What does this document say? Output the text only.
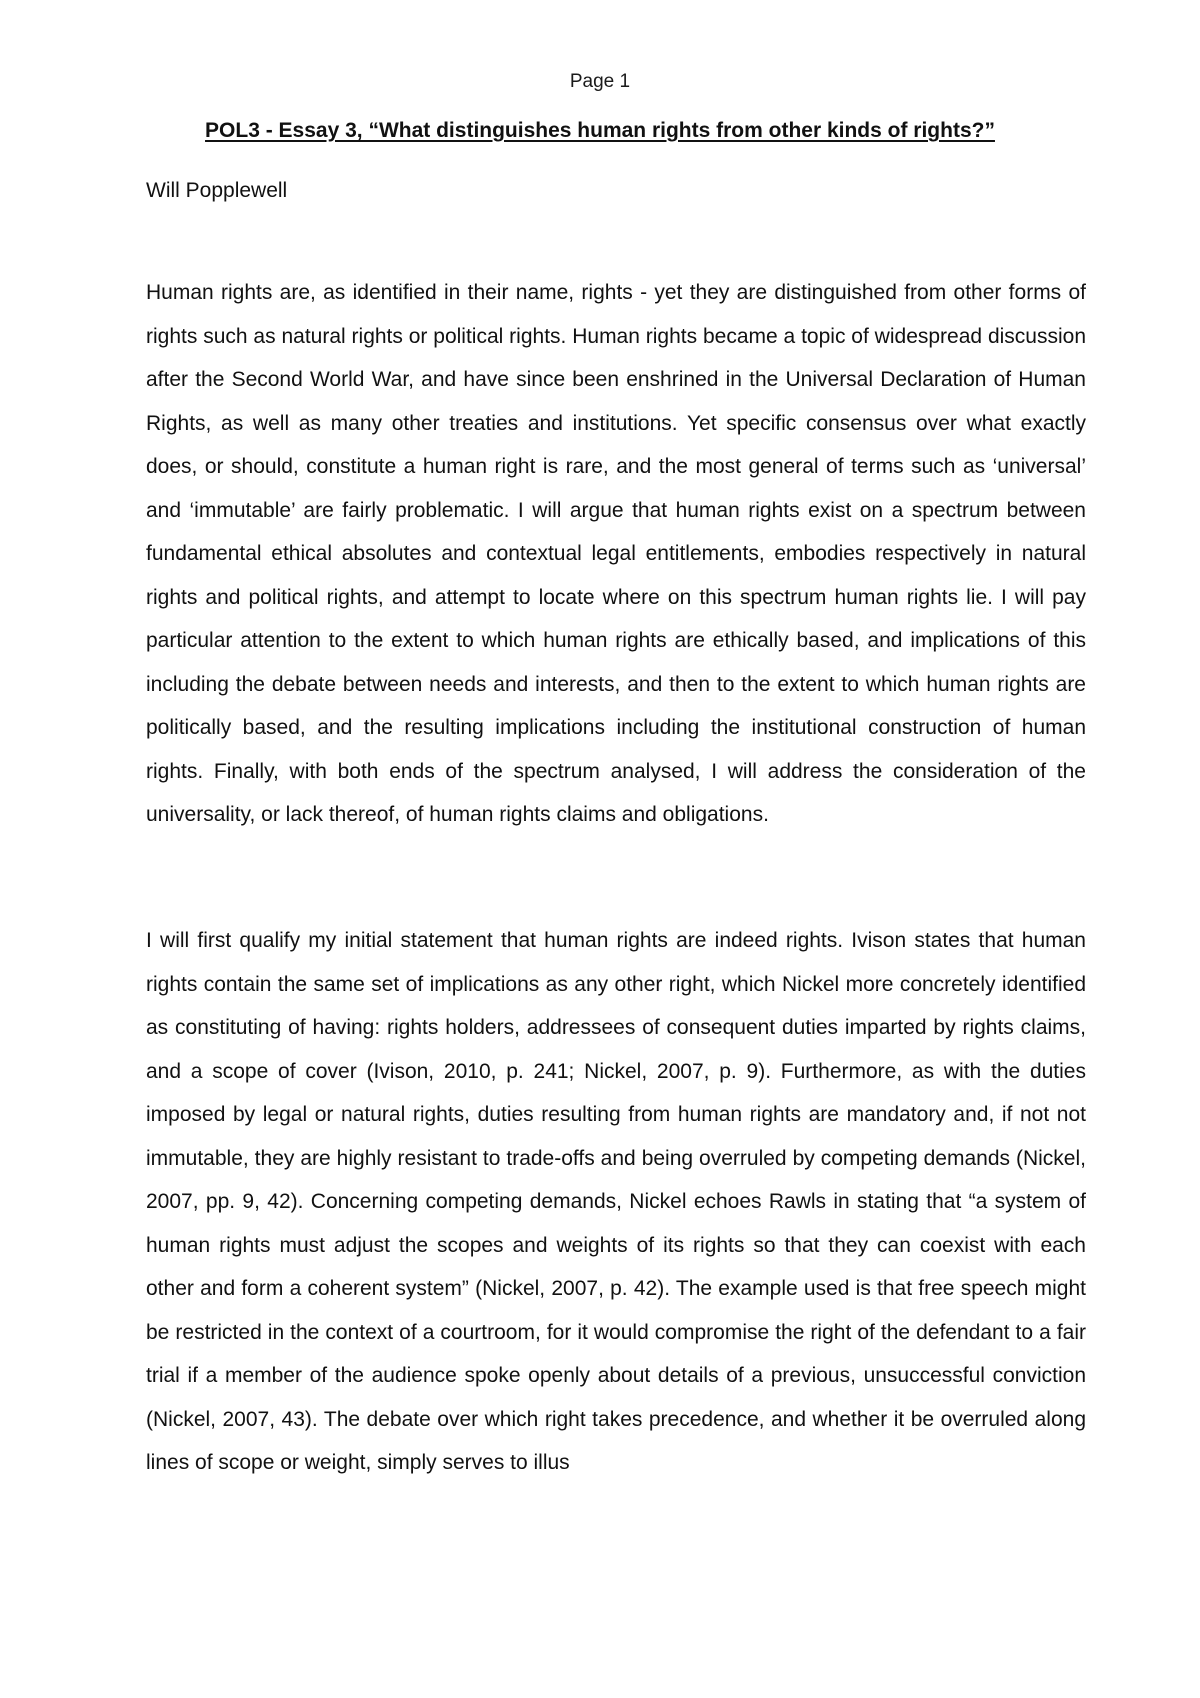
Page 1
POL3 - Essay 3, “What distinguishes human rights from other kinds of rights?”
Will Popplewell

Human rights are, as identified in their name, rights - yet they are distinguished from other forms of rights such as natural rights or political rights. Human rights became a topic of widespread discussion after the Second World War, and have since been enshrined in the Universal Declaration of Human Rights, as well as many other treaties and institutions. Yet specific consensus over what exactly does, or should, constitute a human right is rare, and the most general of terms such as ‘universal’ and ‘immutable’ are fairly problematic. I will argue that human rights exist on a spectrum between fundamental ethical absolutes and contextual legal entitlements, embodies respectively in natural rights and political rights, and attempt to locate where on this spectrum human rights lie. I will pay particular attention to the extent to which human rights are ethically based, and implications of this including the debate between needs and interests, and then to the extent to which human rights are politically based, and the resulting implications including the institutional construction of human rights. Finally, with both ends of the spectrum analysed, I will address the consideration of the universality, or lack thereof, of human rights claims and obligations.

I will first qualify my initial statement that human rights are indeed rights. Ivison states that human rights contain the same set of implications as any other right, which Nickel more concretely identified as constituting of having: rights holders, addressees of consequent duties imparted by rights claims, and a scope of cover (Ivison, 2010, p. 241; Nickel, 2007, p. 9). Furthermore, as with the duties imposed by legal or natural rights, duties resulting from human rights are mandatory and, if not not immutable, they are highly resistant to trade-offs and being overruled by competing demands (Nickel, 2007, pp. 9, 42). Concerning competing demands, Nickel echoes Rawls in stating that “a system of human rights must adjust the scopes and weights of its rights so that they can coexist with each other and form a coherent system” (Nickel, 2007, p. 42). The example used is that free speech might be restricted in the context of a courtroom, for it would compromise the right of the defendant to a fair trial if a member of the audience spoke openly about details of a previous, unsuccessful conviction (Nickel, 2007, 43). The debate over which right takes precedence, and whether it be overruled along lines of scope or weight, simply serves to illus
